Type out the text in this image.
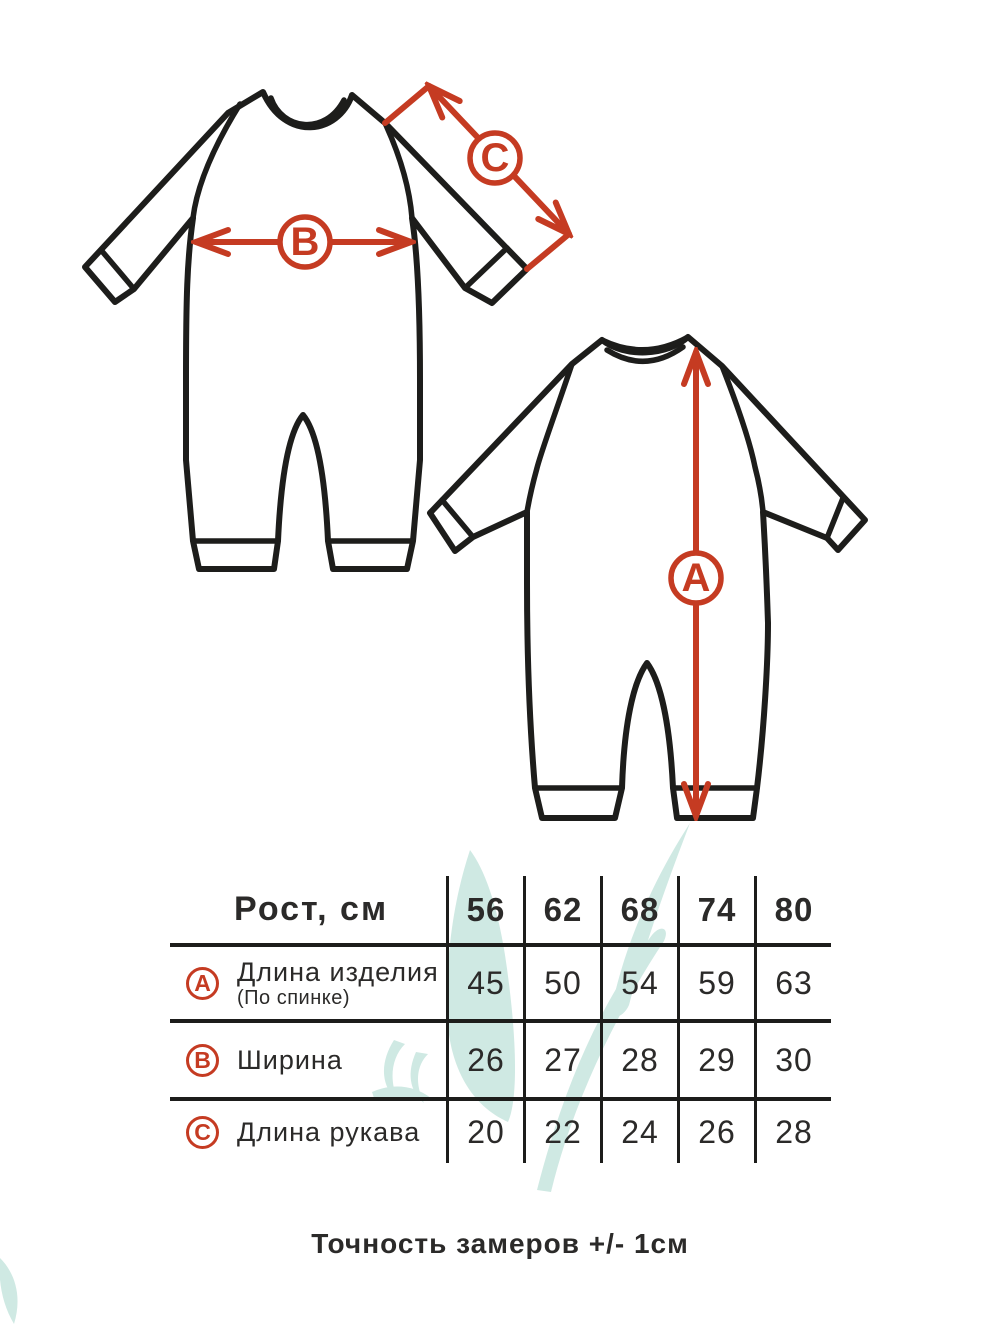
B
C
A
Рост, см	56	62	68	74	80
A Длина изделия
(По спинке)	45	50	54	59	63
B Ширина	26	27	28	29	30
C Длина рукава	20	22	24	26	28
Точность замеров +/- 1см
